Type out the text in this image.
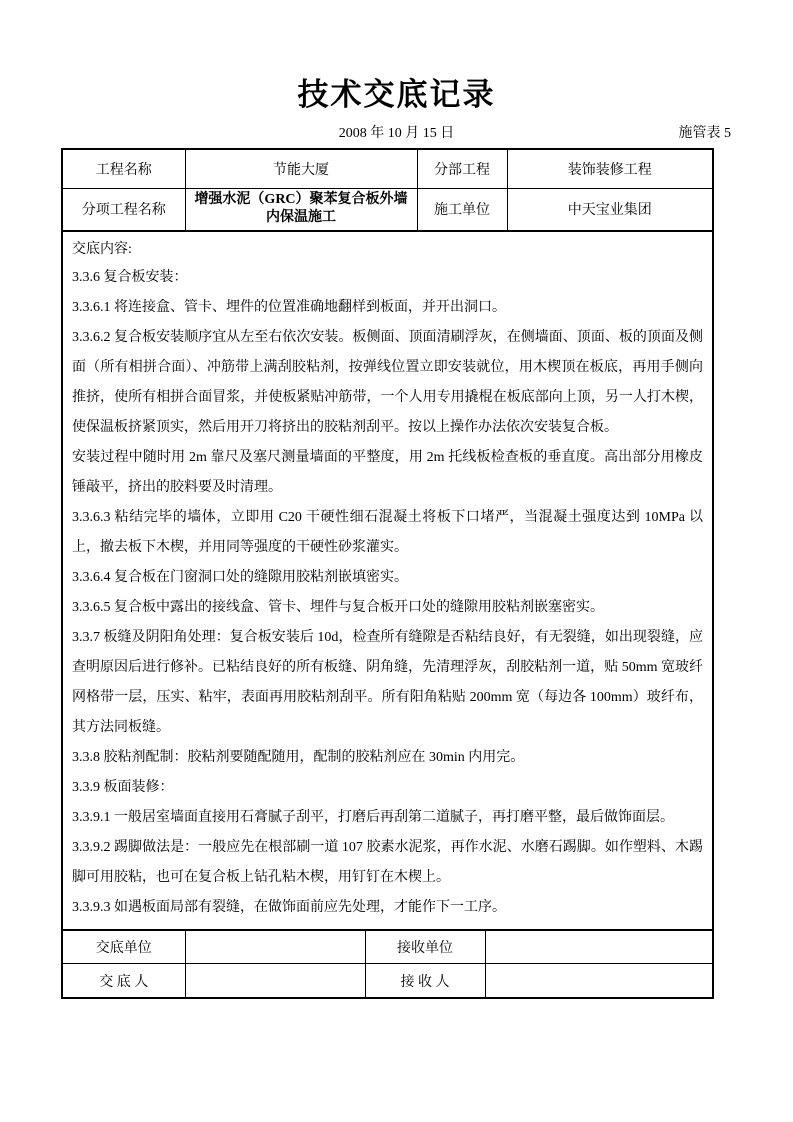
技术交底记录
2008 年 10 月 15 日	施管表 5
工程名称	节能大厦	分部工程	装饰装修工程
分项工程名称	增强水泥（GRC）聚苯复合板外墙内保温施工	施工单位	中天宝业集团
交底内容:

3.3.6 复合板安装：

3.3.6.1 将连接盒、管卡、埋件的位置准确地翻样到板面，并开出洞口。

3.3.6.2 复合板安装顺序宜从左至右依次安装。板侧面、顶面清刷浮灰，在侧墙面、顶面、板的顶面及侧面（所有相拼合面）、冲筋带上满刮胶粘剂，按弹线位置立即安装就位，用木楔顶在板底，再用手侧向推挤，使所有相拼合面冒浆，并使板紧贴冲筋带，一个人用专用撬棍在板底部向上顶，另一人打木楔，使保温板挤紧顶实，然后用开刀将挤出的胶粘剂刮平。按以上操作办法依次安装复合板。

安装过程中随时用 2m 靠尺及塞尺测量墙面的平整度，用 2m 托线板检查板的垂直度。高出部分用橡皮锤敲平，挤出的胶料要及时清理。

3.3.6.3 粘结完毕的墙体，立即用 C20 干硬性细石混凝土将板下口堵严，当混凝土强度达到 10MPa 以上，撤去板下木楔，并用同等强度的干硬性砂浆灌实。

3.3.6.4 复合板在门窗洞口处的缝隙用胶粘剂嵌填密实。

3.3.6.5 复合板中露出的接线盒、管卡、埋件与复合板开口处的缝隙用胶粘剂嵌塞密实。

3.3.7 板缝及阴阳角处理：复合板安装后 10d，检查所有缝隙是否粘结良好，有无裂缝，如出现裂缝，应查明原因后进行修补。已粘结良好的所有板缝、阴角缝，先清理浮灰，刮胶粘剂一道，贴 50mm 宽玻纤网格带一层，压实、粘牢，表面再用胶粘剂刮平。所有阳角粘贴 200mm 宽（每边各 100mm）玻纤布，其方法同板缝。

3.3.8 胶粘剂配制：胶粘剂要随配随用，配制的胶粘剂应在 30min 内用完。

3.3.9 板面装修：

3.3.9.1 一般居室墙面直接用石膏腻子刮平，打磨后再刮第二道腻子，再打磨平整，最后做饰面层。

3.3.9.2 踢脚做法是：一般应先在根部刷一道 107 胶素水泥浆，再作水泥、水磨石踢脚。如作塑料、木踢脚可用胶粘，也可在复合板上钻孔粘木楔，用钉钉在木楔上。

3.3.9.3 如遇板面局部有裂缝，在做饰面前应先处理，才能作下一工序。

交底单位		接收单位	
交 底 人		接 收 人	
